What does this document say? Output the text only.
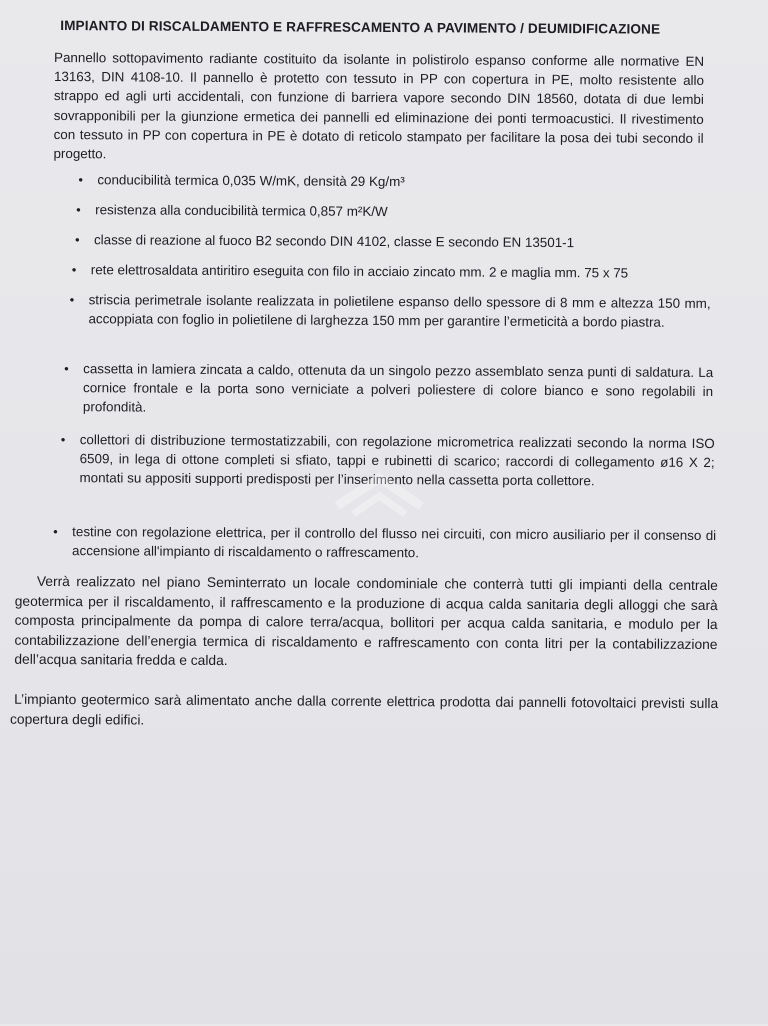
IMPIANTO DI RISCALDAMENTO E RAFFRESCAMENTO A PAVIMENTO / DEUMIDIFICAZIONE
Pannello sottopavimento radiante costituito da isolante in polistirolo espanso conforme alle normative EN 13163, DIN 4108-10. Il pannello è protetto con tessuto in PP con copertura in PE, molto resistente allo strappo ed agli urti accidentali, con funzione di barriera vapore secondo DIN 18560, dotata di due lembi sovrapponibili per la giunzione ermetica dei pannelli ed eliminazione dei ponti termoacustici. Il rivestimento con tessuto in PP con copertura in PE è dotato di reticolo stampato per facilitare la posa dei tubi secondo il progetto.
• conducibilità termica 0,035 W/mK, densità 29 Kg/m³
• resistenza alla conducibilità termica 0,857 m²K/W
• classe di reazione al fuoco B2 secondo DIN 4102, classe E secondo EN 13501-1
• rete elettrosaldata antiritiro eseguita con filo in acciaio zincato mm. 2 e maglia mm. 75 x 75
• striscia perimetrale isolante realizzata in polietilene espanso dello spessore di 8 mm e altezza 150 mm, accoppiata con foglio in polietilene di larghezza 150 mm per garantire l’ermeticità a bordo piastra.
• cassetta in lamiera zincata a caldo, ottenuta da un singolo pezzo assemblato senza punti di saldatura. La cornice frontale e la porta sono verniciate a polveri poliestere di colore bianco e sono regolabili in profondità.
• collettori di distribuzione termostatizzabili, con regolazione micrometrica realizzati secondo la norma ISO 6509, in lega di ottone completi si sfiato, tappi e rubinetti di scarico; raccordi di collegamento ø16 X 2; montati su appositi supporti predisposti per l’inserimento nella cassetta porta collettore.
• testine con regolazione elettrica, per il controllo del flusso nei circuiti, con micro ausiliario per il consenso di accensione all'impianto di riscaldamento o raffrescamento.
Verrà realizzato nel piano Seminterrato un locale condominiale che conterrà tutti gli impianti della centrale geotermica per il riscaldamento, il raffrescamento e la produzione di acqua calda sanitaria degli alloggi che sarà composta principalmente da pompa di calore terra/acqua, bollitori per acqua calda sanitaria, e modulo per la contabilizzazione dell’energia termica di riscaldamento e raffrescamento con conta litri per la contabilizzazione dell’acqua sanitaria fredda e calda.
L’impianto geotermico sarà alimentato anche dalla corrente elettrica prodotta dai pannelli fotovoltaici previsti sulla copertura degli edifici.
